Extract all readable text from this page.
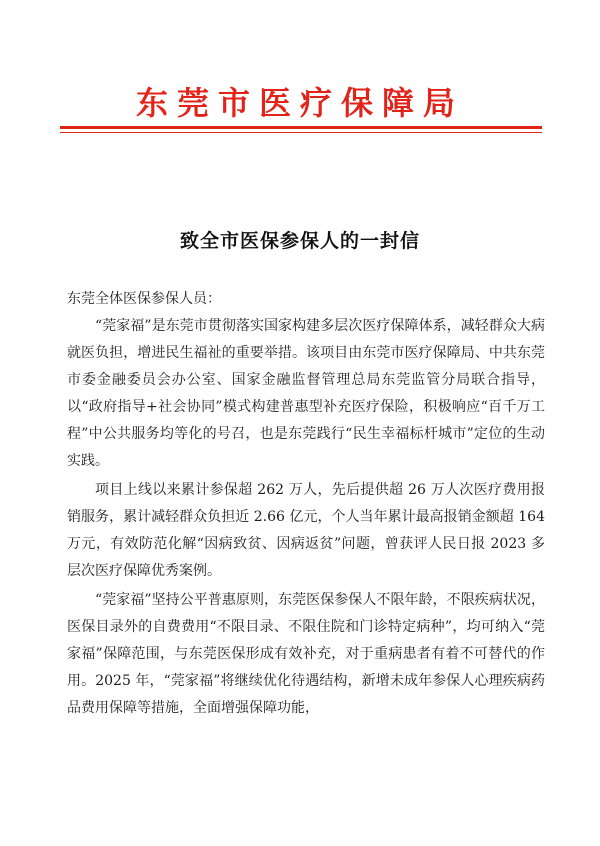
东莞市医疗保障局
致全市医保参保人的一封信

东莞全体医保参保人员：

“莞家福”是东莞市贯彻落实国家构建多层次医疗保障体系，减轻群众大病就医负担，增进民生福祉的重要举措。该项目由东莞市医疗保障局、中共东莞市委金融委员会办公室、国家金融监督管理总局东莞监管分局联合指导，以“政府指导+社会协同”模式构建普惠型补充医疗保险，积极响应“百千万工程”中公共服务均等化的号召，也是东莞践行“民生幸福标杆城市”定位的生动实践。

项目上线以来累计参保超 262 万人，先后提供超 26 万人次医疗费用报销服务，累计减轻群众负担近 2.66 亿元，个人当年累计最高报销金额超 164 万元，有效防范化解“因病致贫、因病返贫”问题，曾获评人民日报 2023 多层次医疗保障优秀案例。

“莞家福”坚持公平普惠原则，东莞医保参保人不限年龄，不限疾病状况，医保目录外的自费费用“不限目录、不限住院和门诊特定病种”，均可纳入“莞家福”保障范围，与东莞医保形成有效补充，对于重病患者有着不可替代的作用。2025 年，“莞家福”将继续优化待遇结构，新增未成年参保人心理疾病药品费用保障等措施，全面增强保障功能，
